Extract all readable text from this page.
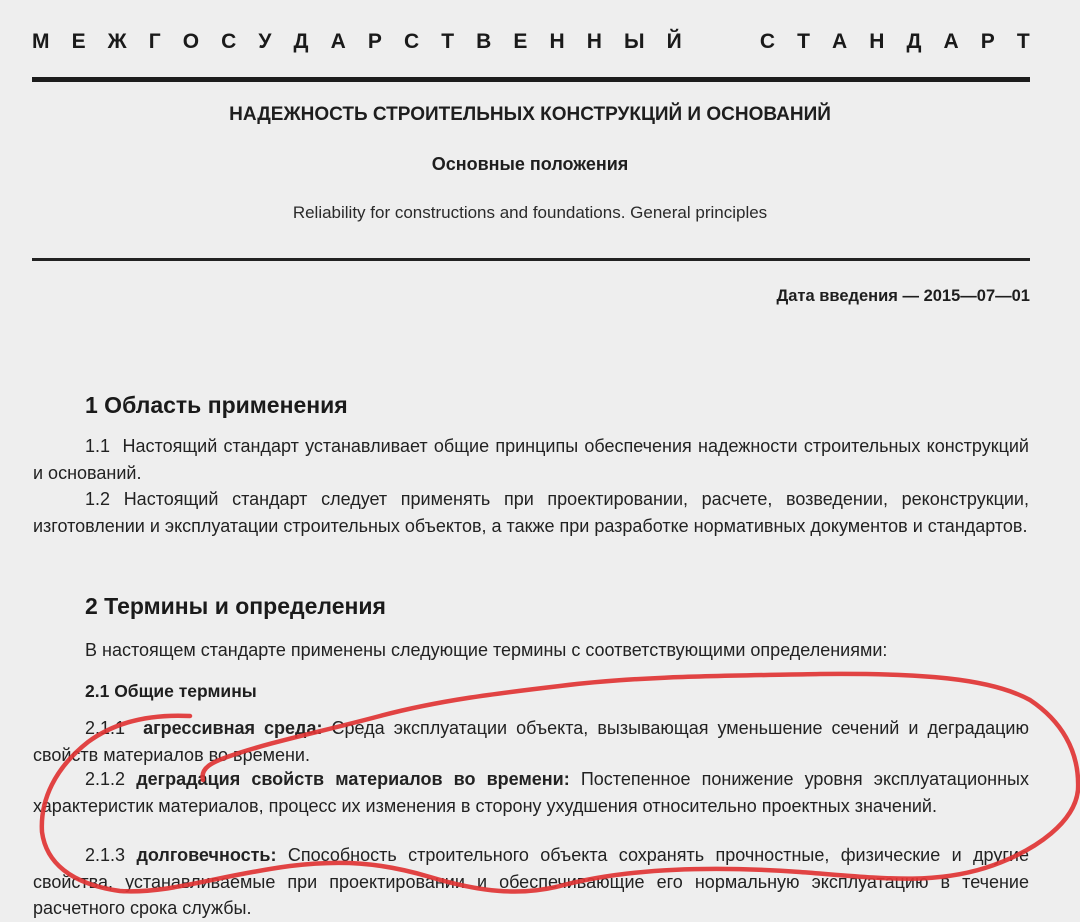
М Е Ж Г О С У Д А Р С Т В Е Н Н Ы Й	С Т А Н Д А Р Т
НАДЕЖНОСТЬ СТРОИТЕЛЬНЫХ КОНСТРУКЦИЙ И ОСНОВАНИЙ
Основные положения
Reliability for constructions and foundations. General principles
Дата введения — 2015—07—01
1 Область применения
1.1 Настоящий стандарт устанавливает общие принципы обеспечения надежности строительных конструкций и оснований.
1.2 Настоящий стандарт следует применять при проектировании, расчете, возведении, реконструкции, изготовлении и эксплуатации строительных объектов, а также при разработке нормативных документов и стандартов.
2 Термины и определения
В настоящем стандарте применены следующие термины с соответствующими определениями:
2.1 Общие термины
2.1.1 агрессивная среда: Среда эксплуатации объекта, вызывающая уменьшение сечений и деградацию свойств материалов во времени.
2.1.2 деградация свойств материалов во времени: Постепенное понижение уровня эксплуатационных характеристик материалов, процесс их изменения в сторону ухудшения относительно проектных значений.
2.1.3 долговечность: Способность строительного объекта сохранять прочностные, физические и другие свойства, устанавливаемые при проектировании и обеспечивающие его нормальную эксплуатацию в течение расчетного срока службы.
